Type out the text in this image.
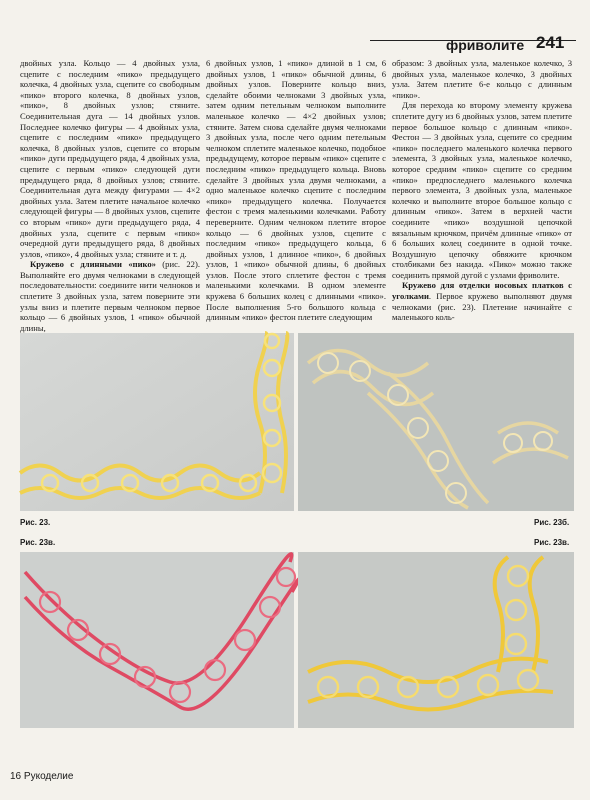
фриволите 241

двойных узла. Кольцо — 4 двойных узла, сцепите с последним «пико» предыдущего колечка, 4 двойных узла, сцепите со свободным «пико» второго колечка, 8 двойных узлов, «пико», 8 двойных узлов; стяните. Соединительная дуга — 14 двойных узлов. Последнее колечко фигуры — 4 двойных узла, сцепите с последним «пико» предыдущего колечка, 8 двойных узлов, сцепите со вторым «пико» дуги предыдущего ряда, 4 двойных узла, сцепите с первым «пико» следующей дуги предыдущего ряда, 8 двойных узлов; стяните. Соединительная дуга между фигурами — 4×2 двойных узла. Затем плетите начальное колечко следующей фигуры — 8 двойных узлов, сцепите со вторым «пико» дуги предыдущего ряда, 4 двойных узла, сцепите с первым «пико» очередной дуги предыдущего ряда, 8 двойных узлов, «пико», 4 двойных узла; стяните и т. д.

Кружево с длинными «пико» (рис. 22). Выполняйте его двумя челноками в следующей последовательности: соедините нити челноков и сплетите 3 двойных узла, затем поверните эти узлы вниз и плетите первым челноком первое кольцо — 6 двойных узлов, 1 «пико» обычной длины,

6 двойных узлов, 1 «пико» длиной в 1 см, 6 двойных узлов, 1 «пико» обычной длины, 6 двойных узлов. Поверните кольцо вниз, сделайте обоими челноками 3 двойных узла, затем одним петельным челноком выполните маленькое колечко — 4×2 двойных узлов; стяните. Затем снова сделайте двумя челноками 3 двойных узла, после чего одним петельным челноком сплетите маленькое колечко, подобное предыдущему, которое первым «пико» сцепите с последним «пико» предыдущего кольца. Вновь сделайте 3 двойных узла двумя челноками, а одно маленькое колечко сцепите с последним «пико» предыдущего колечка. Получается фестон с тремя маленькими колечками. Работу переверните. Одним челноком плетите второе кольцо — 6 двойных узлов, сцепите с последним «пико» предыдущего кольца, 6 двойных узлов, 1 длинное «пико», 6 двойных узлов, 1 «пико» обычной длины, 6 двойных узлов. После этого сплетите фестон с тремя маленькими колечками. В одном элементе кружева 6 больших колец с длинными «пико». После выполнения 5-го большого кольца с длинным «пико» фестон плетите следующим

образом: 3 двойных узла, маленькое колечко, 3 двойных узла, маленькое колечко, 3 двойных узла. Затем плетите 6-е кольцо с длинным «пико».

Для перехода ко второму элементу кружева сплетите дугу из 6 двойных узлов, затем плетите первое большое кольцо с длинным «пико». Фестон — 3 двойных узла, сцепите со средним «пико» последнего маленького колечка первого элемента, 3 двойных узла, маленькое колечко, которое средним «пико» сцепите со средним «пико» предпоследнего маленького колечка первого элемента, 3 двойных узла, маленькое колечко и выполните второе большое кольцо с длинным «пико». Затем в верхней части соедините «пико» воздушной цепочкой вязальным крючком, причём длинные «пико» от 6 больших колец соедините в одной точке. Воздушную цепочку обвяжите крючком столбиками без накида. «Пико» можно также соединить прямой дугой с узлами фриволите.

Кружево для отделки носовых платков с уголками. Первое кружево выполняют двумя челноками (рис. 23). Плетение начинайте с маленького коль-

Рис. 23.	Рис. 23б.
Рис. 23в.	Рис. 23в.
16 Рукоделие
